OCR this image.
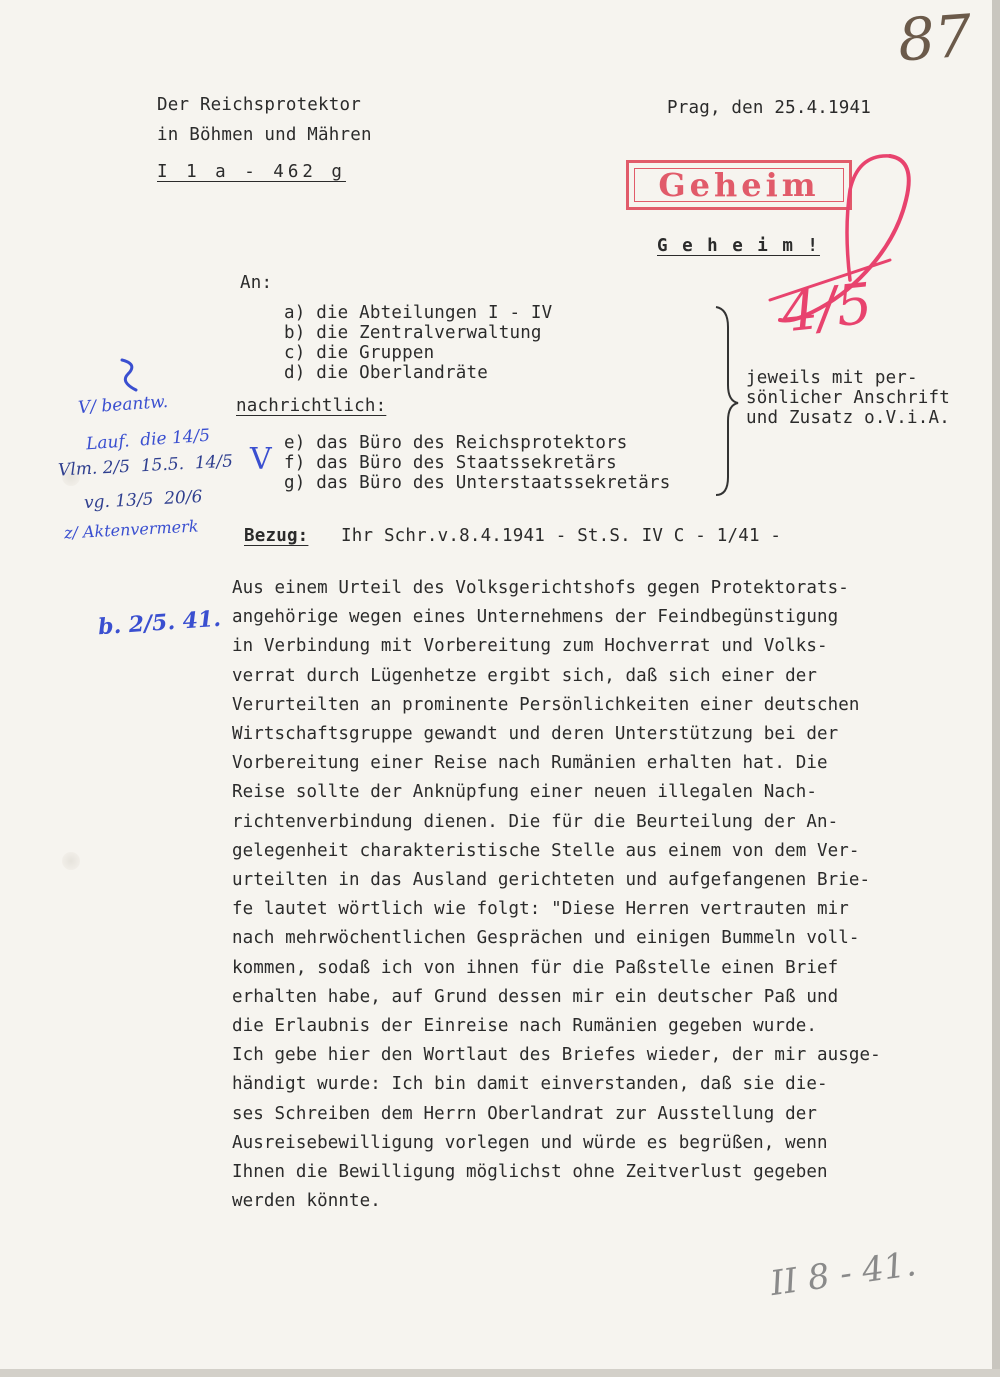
87
Der Reichsprotektor
in Böhmen und Mähren
I 1 a - 462 g
Prag, den 25.4.1941
Geheim
G e h e i m !
An:
a) die Abteilungen I - IV
b) die Zentralverwaltung
c) die Gruppen
d) die Oberlandräte
nachrichtlich:
e) das Büro des Reichsprotektors
f) das Büro des Staatssekretärs
g) das Büro des Unterstaatssekretärs
jeweils mit per-
sönlicher Anschrift
und Zusatz o.V.i.A.
Bezug: Ihr Schr.v.8.4.1941 - St.S. IV C - 1/41 -
Aus einem Urteil des Volksgerichtshofs gegen Protektorats-
angehörige wegen eines Unternehmens der Feindbegünstigung
in Verbindung mit Vorbereitung zum Hochverrat und Volks-
verrat durch Lügenhetze ergibt sich, daß sich einer der
Verurteilten an prominente Persönlichkeiten einer deutschen
Wirtschaftsgruppe gewandt und deren Unterstützung bei der
Vorbereitung einer Reise nach Rumänien erhalten hat. Die
Reise sollte der Anknüpfung einer neuen illegalen Nach-
richtenverbindung dienen. Die für die Beurteilung der An-
gelegenheit charakteristische Stelle aus einem von dem Ver-
urteilten in das Ausland gerichteten und aufgefangenen Brie-
fe lautet wörtlich wie folgt: "Diese Herren vertrauten mir
nach mehrwöchentlichen Gesprächen und einigen Bummeln voll-
kommen, sodaß ich von ihnen für die Paßstelle einen Brief
erhalten habe, auf Grund dessen mir ein deutscher Paß und
die Erlaubnis der Einreise nach Rumänien gegeben wurde.
Ich gebe hier den Wortlaut des Briefes wieder, der mir ausge-
händigt wurde: Ich bin damit einverstanden, daß sie die-
ses Schreiben dem Herrn Oberlandrat zur Ausstellung der
Ausreisebewilligung vorlegen und würde es begrüßen, wenn
Ihnen die Bewilligung möglichst ohne Zeitverlust gegeben
werden könnte.
4/5
V/ beantw.
Lauf.  die 14/5
Vlm. 2/5  15.5.  14/5
vg. 13/5  20/6
z/ Aktenvermerk
V
b. 2/5. 41.
II 8 - 41.
